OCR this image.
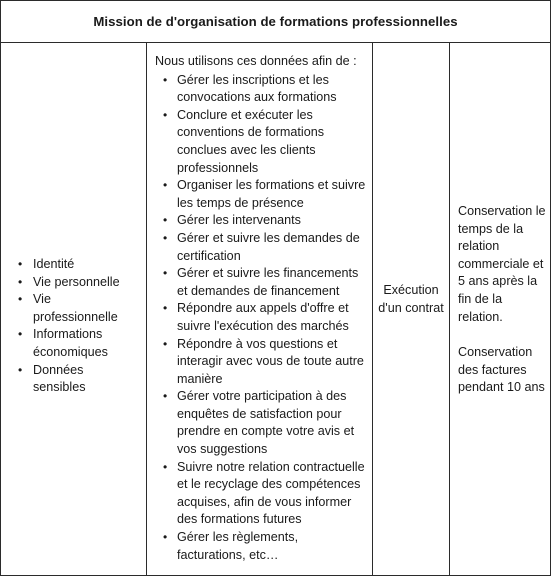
Mission de d'organisation de formations professionnelles
• Identité
• Vie personnelle
• Vie professionnelle
• Informations économiques
• Données sensibles
Nous utilisons ces données afin de :
• Gérer les inscriptions et les convocations aux formations
• Conclure et exécuter les conventions de formations conclues avec les clients professionnels
• Organiser les formations et suivre les temps de présence
• Gérer les intervenants
• Gérer et suivre les demandes de certification
• Gérer et suivre les financements et demandes de financement
• Répondre aux appels d'offre et suivre l'exécution des marchés
• Répondre à vos questions et interagir avec vous de toute autre manière
• Gérer votre participation à des enquêtes de satisfaction pour prendre en compte votre avis et vos suggestions
• Suivre notre relation contractuelle et le recyclage des compétences acquises, afin de vous informer des formations futures
• Gérer les règlements, facturations, etc…
Exécution d'un contrat

Conservation le temps de la relation commerciale et 5 ans après la fin de la relation.

Conservation des factures pendant 10 ans
